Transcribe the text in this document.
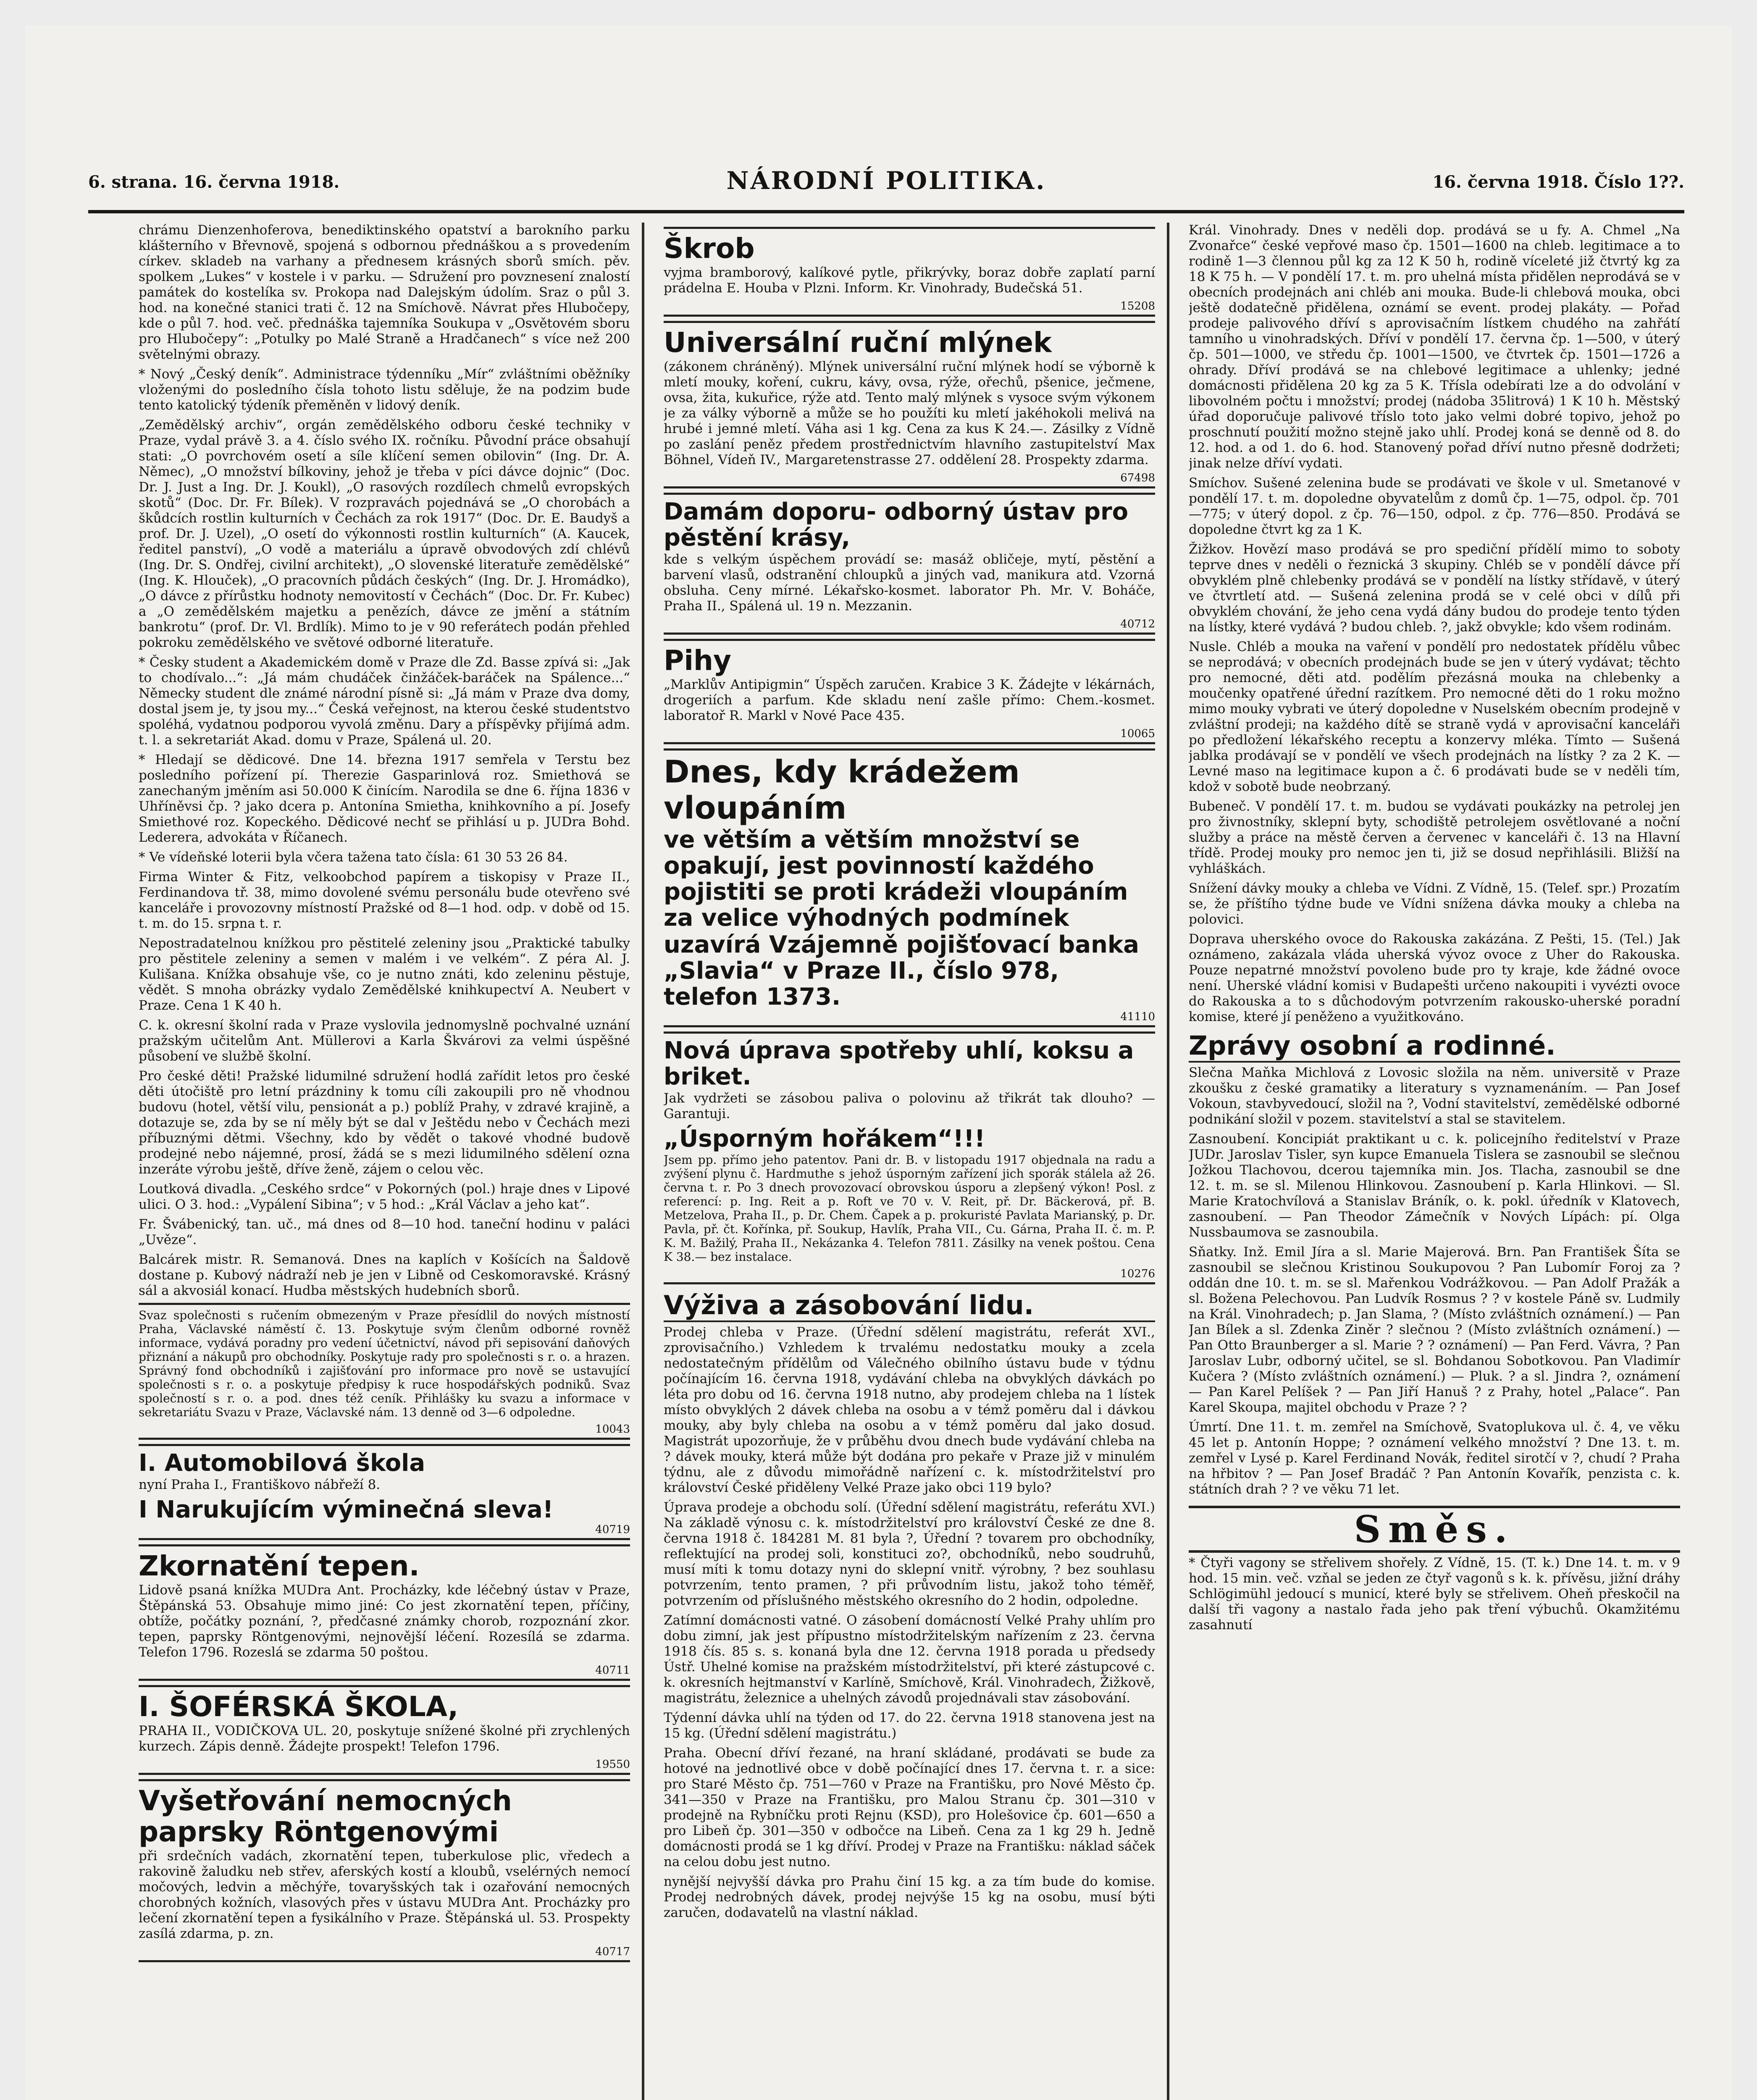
6. strana. 16. června 1918.	NÁRODNÍ POLITIKA.	16. června 1918. Číslo 1??.

chrámu Dienzenhoferova, benediktinského opatství a barokního parku klášterního v Břevnově, spojená s odbornou přednáškou a s provedením církev. skladeb na varhany a přednesem krásných sborů smích. pěv. spolkem „Lukes“ v kostele i v parku. — Sdružení pro povznesení znalostí památek do kostelíka sv. Prokopa nad Dalejským údolím. Sraz o půl 3. hod. na konečné stanici trati č. 12 na Smíchově. Návrat přes Hlubočepy, kde o půl 7. hod. več. přednáška tajemníka Soukupa v „Osvětovém sboru pro Hlubočepy“: „Potulky po Malé Straně a Hradčanech“ s více než 200 světelnými obrazy.

* Nový „Český deník“. Administrace týdenníku „Mír“ zvláštními oběžníky vloženými do posledního čísla tohoto listu sděluje, že na podzim bude tento katolický týdeník přeměněn v lidový deník.

„Zemědělský archiv“, orgán zemědělského odboru české techniky v Praze, vydal právě 3. a 4. číslo svého IX. ročníku. Původní práce obsahují stati: „O povrchovém osetí a síle klíčení semen obilovin“ (Ing. Dr. A. Němec), „O množství bílkoviny, jehož je třeba v píci dávce dojnic“ (Doc. Dr. J. Just a Ing. Dr. J. Koukl), „O rasových rozdílech chmelů evropských skotů“ (Doc. Dr. Fr. Bílek). V rozpravách pojednává se „O chorobách a škůdcích rostlin kulturních v Čechách za rok 1917“ (Doc. Dr. E. Baudyš a prof. Dr. J. Uzel), „O osetí do výkonnosti rostlin kulturních“ (A. Kaucek, ředitel panství), „O vodě a materiálu a úpravě obvodových zdí chlévů (Ing. Dr. S. Ondřej, civilní architekt), „O slovenské literatuře zemědělské“ (Ing. K. Hlouček), „O pracovních půdách českých“ (Ing. Dr. J. Hromádko), „O dávce z přírůstku hodnoty nemovitostí v Čechách“ (Doc. Dr. Fr. Kubec) a „O zemědělském majetku a penězích, dávce ze jmění a státním bankrotu“ (prof. Dr. Vl. Brdlík). Mimo to je v 90 referátech podán přehled pokroku zemědělského ve světové odborné literatuře.

* Česky student a Akademickém domě v Praze dle Zd. Basse zpívá si: „Jak to chodívalo...“: „Já mám chudáček činžáček-baráček na Spálence...“ Německy student dle známé národní písně si: „Já mám v Praze dva domy, dostal jsem je, ty jsou my...“ Česká veřejnost, na kterou české studentstvo spoléhá, vydatnou podporou vyvolá změnu. Dary a příspěvky přijímá adm. t. l. a sekretariát Akad. domu v Praze, Spálená ul. 20.

* Hledají se dědicové. Dne 14. března 1917 semřela v Terstu bez posledního pořízení pí. Therezie Gasparinlová roz. Smiethová se zanechaným jměním asi 50.000 K činícím. Narodila se dne 6. října 1836 v Uhříněvsi čp. ? jako dcera p. Antonína Smietha, knihkovního a pí. Josefy Smiethové roz. Kopeckého. Dědicové nechť se přihlásí u p. JUDra Bohd. Lederera, advokáta v Říčanech.

* Ve vídeňské loterii byla včera tažena tato čísla: 61 30 53 26 84.

Firma Winter & Fitz, velkoobchod papírem a tiskopisy v Praze II., Ferdinandova tř. 38, mimo dovolené svému personálu bude otevřeno své kanceláře i provozovny místností Pražské od 8—1 hod. odp. v době od 15. t. m. do 15. srpna t. r.

Nepostradatelnou knížkou pro pěstitelé zeleniny jsou „Praktické tabulky pro pěstitele zeleniny a semen v malém i ve velkém“. Z péra Al. J. Kulišana. Knížka obsahuje vše, co je nutno znáti, kdo zeleninu pěstuje, vědět. S mnoha obrázky vydalo Zemědělské knihkupectví A. Neubert v Praze. Cena 1 K 40 h.

C. k. okresní školní rada v Praze vyslovila jednomyslně pochvalné uznání pražským učitelům Ant. Müllerovi a Karla Škvárovi za velmi úspěšné působení ve službě školní.

Pro české děti! Pražské lidumilné sdružení hodlá zařídit letos pro české děti útočiště pro letní prázdniny k tomu cíli zakoupili pro ně vhodnou budovu (hotel, větší vilu, pensionát a p.) poblíž Prahy, v zdravé krajině, a dotazuje se, zda by se ní měly být se dal v Ještědu nebo v Čechách mezi příbuznými dětmi. Všechny, kdo by vědět o takové vhodné budově prodejné nebo nájemné, prosí, žádá se s mezi lidumilného sdělení ozna inzeráte výrobu ještě, dříve ženě, zájem o celou věc.

Loutková divadla. „Ceského srdce“ v Pokorných (pol.) hraje dnes v Lipové ulici. O 3. hod.: „Vypálení Sibina“; v 5 hod.: „Král Václav a jeho kat“.

Fr. Švábenický, tan. uč., má dnes od 8—10 hod. taneční hodinu v paláci „Uvěze“.

Balcárek mistr. R. Semanová. Dnes na kaplích v Košících na Šaldově dostane p. Kubový nádraží neb je jen v Libně od Ceskomoravské. Krásný sál a akvosiál konací. Hudba městských hudebních sborů.

Svaz společnosti s ručením obmezeným v Praze přesídlil do nových místností Praha, Václavské náměstí č. 13. Poskytuje svým členům odborné rovněž informace, vydává poradny pro vedení účetnictví, návod při sepisování daňových přiznání a nákupů pro obchodníky. Poskytuje rady pro společnosti s r. o. a hrazen. Správný fond obchodníků i zajišťování pro informace pro nově se ustavující společnosti s r. o. a poskytuje předpisy k ruce hospodářských podniků. Svaz společností s r. o. a pod. dnes též ceník. Přihlášky ku svazu a informace v sekretariátu Svazu v Praze, Václavské nám. 13 denně od 3—6 odpoledne.

10043
I. Automobilová škola

nyní Praha I., Františkovo nábřeží 8.

I Narukujícím výminečná sleva!
40719
Zkornatění tepen.

Lidově psaná knížka MUDra Ant. Procházky, kde léčebný ústav v Praze, Štěpánská 53. Obsahuje mimo jiné: Co jest zkornatění tepen, příčiny, obtíže, počátky poznání, ?, předčasné známky chorob, rozpoznání zkor. tepen, paprsky Röntgenovými, nejnovější léčení. Rozesílá se zdarma. Telefon 1796. Rozeslá se zdarma 50 poštou.

40711
I. ŠOFÉRSKÁ ŠKOLA,

PRAHA II., VODIČKOVA UL. 20, poskytuje snížené školné při zrychlených kurzech. Zápis denně. Žádejte prospekt! Telefon 1796.

19550
Vyšetřování nemocných paprsky Röntgenovými

při srdečních vadách, zkornatění tepen, tuberkulose plic, vředech a rakovině žaludku neb střev, aferských kostí a kloubů, vselérných nemocí močových, ledvin a měchýře, tovaryšských tak i ozařování nemocných chorobných kožních, vlasových přes v ústavu MUDra Ant. Procházky pro lečení zkornatění tepen a fysikálního v Praze. Štěpánská ul. 53. Prospekty zasílá zdarma, p. zn.

40717
Škrob

vyjma bramborový, kalíkové pytle, přikrývky, boraz dobře zaplatí parní prádelna E. Houba v Plzni. Inform. Kr. Vinohrady, Budečská 51.

15208
Universální ruční mlýnek

(zákonem chráněný). Mlýnek universální ruční mlýnek hodí se výborně k mletí mouky, koření, cukru, kávy, ovsa, rýže, ořechů, pšenice, ječmene, ovsa, žita, kukuřice, rýže atd. Tento malý mlýnek s vysoce svým výkonem je za války výborně a může se ho použíti ku mletí jakéhokoli melivá na hrubé i jemné mletí. Váha asi 1 kg. Cena za kus K 24.—. Zásilky z Vídně po zaslání peněz předem prostřednictvím hlavního zastupitelství Max Böhnel, Vídeň IV., Margaretenstrasse 27. oddělení 28. Prospekty zdarma.

67498
Damám doporu- odborný ústav pro pěstění krásy,

kde s velkým úspěchem provádí se: masáž obličeje, mytí, pěstění a barvení vlasů, odstranění chloupků a jiných vad, manikura atd. Vzorná obsluha. Ceny mírné. Lékařsko-kosmet. laborator Ph. Mr. V. Boháče, Praha II., Spálená ul. 19 n. Mezzanin.

40712
Pihy

„Marklův Antipigmin“ Úspěch zaručen. Krabice 3 K. Žádejte v lékárnách, drogeriích a parfum. Kde skladu není zašle přímo: Chem.-kosmet. laboratoř R. Markl v Nové Pace 435.

10065
Dnes, kdy krádežem vloupáním
ve větším a větším množství se opakují, jest povinností každého pojistiti se proti krádeži vloupáním za velice výhodných podmínek
uzavírá Vzájemně pojišťovací banka „Slavia“ v Praze II., číslo 978, telefon 1373.
41110
Nová úprava spotřeby uhlí, koksu a briket.

Jak vydržeti se zásobou paliva o polovinu až třikrát tak dlouho? — Garantuji.

„Úsporným hořákem“!!!

Jsem pp. přímo jeho patentov. Pani dr. B. v listopadu 1917 objednala na radu a zvýšení plynu č. Hardmuthe s jehož úsporným zařízení jich sporák stálela až 26. června t. r. Po 3 dnech provozovací obrovskou úsporu a zlepšený výkon! Posl. z referencí: p. Ing. Reit a p. Roft ve 70 v. V. Reit, př. Dr. Bäckerová, př. B. Metzelova, Praha II., p. Dr. Chem. Čapek a p. prokuristé Pavlata Marianský, p. Dr. Pavla, př. čt. Kořínka, př. Soukup, Havlík, Praha VII., Cu. Gárna, Praha II. č. m. P. K. M. Bažilý, Praha II., Nekázanka 4. Telefon 7811. Zásilky na venek poštou. Cena K 38.— bez instalace.

10276
Výživa a zásobování lidu.

Prodej chleba v Praze. (Úřední sdělení magistrátu, referát XVI., zprovisačního.) Vzhledem k trvalému nedostatku mouky a zcela nedostatečným přídělům od Válečného obilního ústavu bude v týdnu počínajícím 16. června 1918, vydávání chleba na obvyklých dávkách po léta pro dobu od 16. června 1918 nutno, aby prodejem chleba na 1 lístek místo obvyklých 2 dávek chleba na osobu a v témž poměru dal i dávkou mouky, aby byly chleba na osobu a v témž poměru dal jako dosud. Magistrát upozorňuje, že v průběhu dvou dnech bude vydávání chleba na ? dávek mouky, která může být dodána pro pekaře v Praze již v minulém týdnu, ale z důvodu mimořádně nařízení c. k. místodržitelství pro království České přiděleny Velké Praze jako obci 119 bylo?

Úprava prodeje a obchodu solí. (Úřední sdělení magistrátu, referátu XVI.) Na základě výnosu c. k. místodržitelství pro království České ze dne 8. června 1918 č. 184281 M. 81 byla ?, Úřední ? tovarem pro obchodníky, reflektující na prodej soli, konstituci zo?, obchodníků, nebo soudruhů, musí míti k tomu dotazy nyni do sklepní vnitř. výrobny, ? bez souhlasu potvrzením, tento pramen, ? při průvodním listu, jakož toho téměř, potvrzením od příslušného městského okresního do 2 hodin, odpoledne.

Zatímní domácnosti vatné. O zásobení domácností Velké Prahy uhlím pro dobu zimní, jak jest přípustno místodržitelským nařízením z 23. června 1918 čís. 85 s. s. konaná byla dne 12. června 1918 porada u předsedy Ústř. Uhelné komise na pražském místodržitelství, při které zástupcové c. k. okresních hejtmanství v Karlíně, Smíchově, Král. Vinohradech, Žižkově, magistrátu, železnice a uhelných závodů projednávali stav zásobování.

Týdenní dávka uhlí na týden od 17. do 22. června 1918 stanovena jest na 15 kg. (Úřední sdělení magistrátu.)

Praha. Obecní dříví řezané, na hraní skládané, prodávati se bude za hotové na jednotlivé obce v době počínající dnes 17. června t. r. a sice: pro Staré Město čp. 751—760 v Praze na Františku, pro Nové Město čp. 341—350 v Praze na Františku, pro Malou Stranu čp. 301—310 v prodejně na Rybníčku proti Rejnu (KSD), pro Holešovice čp. 601—650 a pro Libeň čp. 301—350 v odbočce na Libeň. Cena za 1 kg 29 h. Jedně domácnosti prodá se 1 kg dříví. Prodej v Praze na Františku: náklad sáček na celou dobu jest nutno.

nynější nejvyšší dávka pro Prahu činí 15 kg. a za tím bude do komise. Prodej nedrobných dávek, prodej nejvýše 15 kg na osobu, musí býti zaručen, dodavatelů na vlastní náklad.

Král. Vinohrady. Dnes v neděli dop. prodává se u fy. A. Chmel „Na Zvonařce“ české vepřové maso čp. 1501—1600 na chleb. legitimace a to rodině 1—3 člennou půl kg za 12 K 50 h, rodině víceleté již čtvrtý kg za 18 K 75 h. — V pondělí 17. t. m. pro uhelná místa přidělen neprodává se v obecních prodejnách ani chléb ani mouka. Bude-li chlebová mouka, obci ještě dodatečně přidělena, oznámí se event. prodej plakáty. — Pořad prodeje palivového dříví s aprovisačním lístkem chudého na zahřátí tamního u vinohradských. Dříví v pondělí 17. června čp. 1—500, v úterý čp. 501—1000, ve středu čp. 1001—1500, ve čtvrtek čp. 1501—1726 a ohrady. Dříví prodává se na chlebové legitimace a uhlenky; jedné domácnosti přidělena 20 kg za 5 K. Třísla odebírati lze a do odvolání v libovolném počtu i množství; prodej (nádoba 35litrová) 1 K 10 h. Městský úřad doporučuje palivové tříslo toto jako velmi dobré topivo, jehož po proschnutí použití možno stejně jako uhlí. Prodej koná se denně od 8. do 12. hod. a od 1. do 6. hod. Stanovený pořad dříví nutno přesně dodržeti; jinak nelze dříví vydati.

Smíchov. Sušené zelenina bude se prodávati ve škole v ul. Smetanové v pondělí 17. t. m. dopoledne obyvatelům z domů čp. 1—75, odpol. čp. 701—775; v úterý dopol. z čp. 76—150, odpol. z čp. 776—850. Prodává se dopoledne čtvrt kg za 1 K.

Žižkov. Hovězí maso prodává se pro spediční přídělí mimo to soboty teprve dnes v neděli o řeznická 3 skupiny. Chléb se v pondělí dávce pří obvyklém plně chlebenky prodává se v pondělí na lístky střídavě, v úterý ve čtvrtletí atd. — Sušená zelenina prodá se v celé obci v dílů při obvyklém chování, že jeho cena vydá dány budou do prodeje tento týden na lístky, které vydává ? budou chleb. ?, jakž obvykle; kdo všem rodinám.

Nusle. Chléb a mouka na vaření v pondělí pro nedostatek přídělu vůbec se neprodává; v obecních prodejnách bude se jen v úterý vydávat; těchto pro nemocné, děti atd. podělím přezásná mouka na chlebenky a moučenky opatřené úřední razítkem. Pro nemocné děti do 1 roku možno mimo mouky vybrati ve úterý dopoledne v Nuselském obecním prodejně v zvláštní prodeji; na každého dítě se straně vydá v aprovisační kanceláři po předložení lékařského receptu a konzervy mléka. Tímto — Sušená jablka prodávají se v pondělí ve všech prodejnách na lístky ? za 2 K. — Levné maso na legitimace kupon a č. 6 prodávati bude se v neděli tím, kdož v sobotě bude neobrzaný.

Bubeneč. V pondělí 17. t. m. budou se vydávati poukázky na petrolej jen pro živnostníky, sklepní byty, schodiště petrolejem osvětlované a noční služby a práce na městě červen a červenec v kanceláři č. 13 na Hlavní třídě. Prodej mouky pro nemoc jen ti, již se dosud nepřihlásili. Bližší na vyhláškách.

Snížení dávky mouky a chleba ve Vídni. Z Vídně, 15. (Telef. spr.) Prozatím se, že příštího týdne bude ve Vídni snížena dávka mouky a chleba na polovici.

Doprava uherského ovoce do Rakouska zakázána. Z Pešti, 15. (Tel.) Jak oznámeno, zakázala vláda uherská vývoz ovoce z Uher do Rakouska. Pouze nepatrné množství povoleno bude pro ty kraje, kde žádné ovoce není. Uherské vládní komisi v Budapešti určeno nakoupiti i vyvézti ovoce do Rakouska a to s důchodovým potvrzením rakousko-uherské poradní komise, které jí peněženo a využitkováno.

Zprávy osobní a rodinné.

Slečna Maňka Michlová z Lovosic složila na něm. universitě v Praze zkoušku z české gramatiky a literatury s vyznamenáním. — Pan Josef Vokoun, stavbyvedoucí, složil na ?, Vodní stavitelství, zemědělské odborné podnikání složil v pozem. stavitelství a stal se stavitelem.

Zasnoubení. Koncipiát praktikant u c. k. policejního ředitelství v Praze JUDr. Jaroslav Tisler, syn kupce Emanuela Tislera se zasnoubil se slečnou Jožkou Tlachovou, dcerou tajemníka min. Jos. Tlacha, zasnoubil se dne 12. t. m. se sl. Milenou Hlinkovou. Zasnoubení p. Karla Hlinkovi. — Sl. Marie Kratochvílová a Stanislav Bráník, o. k. pokl. úředník v Klatovech, zasnoubení. — Pan Theodor Zámečník v Nových Lípách: pí. Olga Nussbaumova se zasnoubila.

Sňatky. Inž. Emil Jíra a sl. Marie Majerová. Brn. Pan František Šíta se zasnoubil se slečnou Kristinou Soukupovou ? Pan Lubomír Foroj za ? oddán dne 10. t. m. se sl. Mařenkou Vodrážkovou. — Pan Adolf Pražák a sl. Božena Pelechovou. Pan Ludvík Rosmus ? ? v kostele Páně sv. Ludmily na Král. Vinohradech; p. Jan Slama, ? (Místo zvláštních oznámení.) — Pan Jan Bílek a sl. Zdenka Ziněr ? slečnou ? (Místo zvláštních oznámení.) — Pan Otto Braunberger a sl. Marie ? ? oznámení) — Pan Ferd. Vávra, ? Pan Jaroslav Lubr, odborný učitel, se sl. Bohdanou Sobotkovou. Pan Vladimír Kučera ? (Místo zvláštních oznámení.) — Pluk. ? a sl. Jindra ?, oznámení — Pan Karel Pelíšek ? — Pan Jiří Hanuš ? z Prahy, hotel „Palace“. Pan Karel Skoupa, majitel obchodu v Praze ? ?

Úmrtí. Dne 11. t. m. zemřel na Smíchově, Svatoplukova ul. č. 4, ve věku 45 let p. Antonín Hoppe; ? oznámení velkého množství ? Dne 13. t. m. zemřel v Lysé p. Karel Ferdinand Novák, ředitel sirotčí v ?, chudí ? Praha na hřbitov ? — Pan Josef Bradáč ? Pan Antonín Kovařík, penzista c. k. státních drah ? ? ve věku 71 let.

Směs.

* Čtyři vagony se střelivem shořely. Z Vídně, 15. (T. k.) Dne 14. t. m. v 9 hod. 15 min. več. vzňal se jeden ze čtyř vagonů s k. k. přívěsu, jižní dráhy Schlögimühl jedoucí s municí, které byly se střelivem. Oheň přeskočil na další tři vagony a nastalo řada jeho pak tření výbuchů. Okamžitému zasahnutí
